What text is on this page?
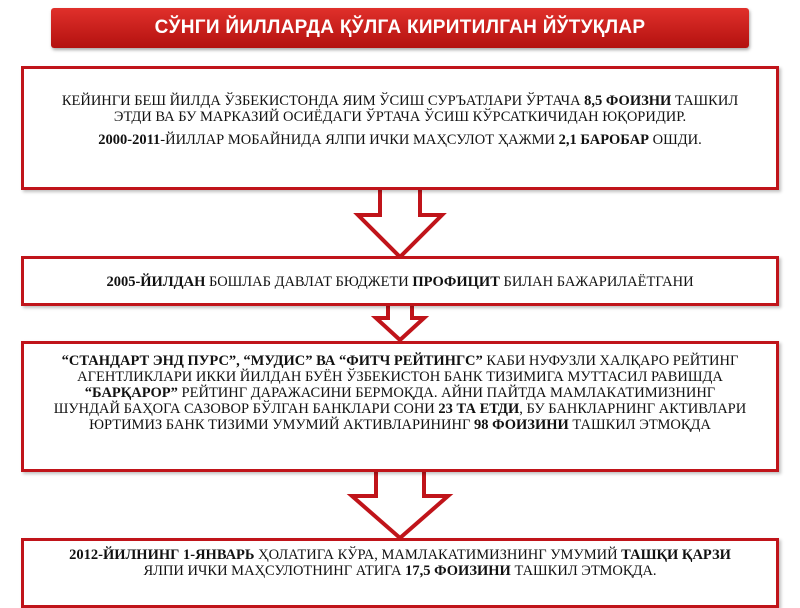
СЎНГИ ЙИЛЛАРДА ҚЎЛГА КИРИТИЛГАН ЙЎТУҚЛАР

КЕЙИНГИ БЕШ ЙИЛДА ЎЗБЕКИСТОНДА ЯИМ ЎСИШ СУРЪАТЛАРИ ЎРТАЧА 8,5 ФОИЗНИ ТАШКИЛ ЭТДИ ВА БУ МАРКАЗИЙ ОСИЁДАГИ ЎРТАЧА ЎСИШ КЎРСАТКИЧИДАН ЮҚОРИДИР.

2000-2011-ЙИЛЛАР МОБАЙНИДА ЯЛПИ ИЧКИ МАҲСУЛОТ ҲАЖМИ 2,1 БАРОБАР ОШДИ.

2005-ЙИЛДАН БОШЛАБ ДАВЛАТ БЮДЖЕТИ ПРОФИЦИТ БИЛАН БАЖАРИЛАЁТГАНИ

“СТАНДАРТ ЭНД ПУРС”, “МУДИС” ВА “ФИТЧ РЕЙТИНГС” КАБИ НУФУЗЛИ ХАЛҚАРО РЕЙТИНГ АГЕНТЛИКЛАРИ ИККИ ЙИЛДАН БУЁН ЎЗБЕКИСТОН БАНК ТИЗИМИГА МУТТАСИЛ РАВИШДА “БАРҚАРОР” РЕЙТИНГ ДАРАЖАСИНИ БЕРМОҚДА. АЙНИ ПАЙТДА МАМЛАКАТИМИЗНИНГ ШУНДАЙ БАҲОГА САЗОВОР БЎЛГАН БАНКЛАРИ СОНИ 23 ТА ЕТДИ, БУ БАНКЛАРНИНГ АКТИВЛАРИ ЮРТИМИЗ БАНК ТИЗИМИ УМУМИЙ АКТИВЛАРИНИНГ 98 ФОИЗИНИ ТАШКИЛ ЭТМОҚДА

2012-ЙИЛНИНГ 1-ЯНВАРЬ ҲОЛАТИГА КЎРА, МАМЛАКАТИМИЗНИНГ УМУМИЙ ТАШҚИ ҚАРЗИ ЯЛПИ ИЧКИ МАҲСУЛОТНИНГ АТИГА 17,5 ФОИЗИНИ ТАШКИЛ ЭТМОҚДА.
